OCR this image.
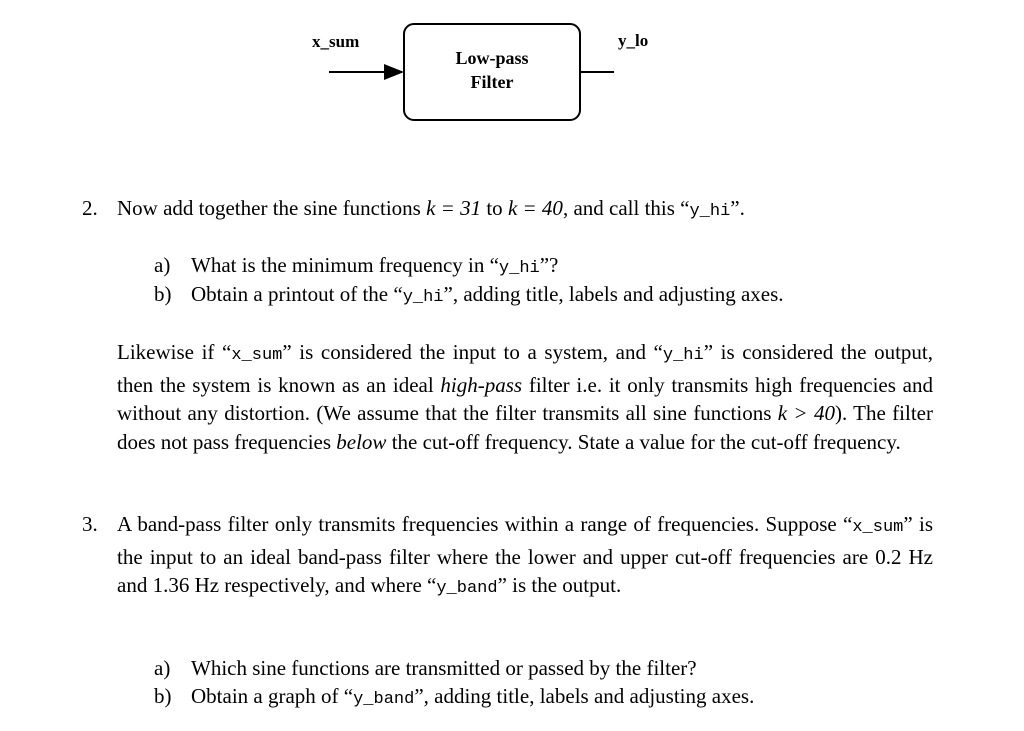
x_sum	y_lo
Low-pass
Filter
2. Now add together the sine functions k = 31 to k = 40, and call this “y_hi”.
a) What is the minimum frequency in “y_hi”?
b) Obtain a printout of the “y_hi”, adding title, labels and adjusting axes.
Likewise if “x_sum” is considered the input to a system, and “y_hi” is considered the output, then the system is known as an ideal high-pass filter i.e. it only transmits high frequencies and without any distortion. (We assume that the filter transmits all sine functions k > 40). The filter does not pass frequencies below the cut-off frequency. State a value for the cut-off frequency.
3. A band-pass filter only transmits frequencies within a range of frequencies. Suppose “x_sum” is the input to an ideal band-pass filter where the lower and upper cut-off frequencies are 0.2 Hz and 1.36 Hz respectively, and where “y_band” is the output.
a) Which sine functions are transmitted or passed by the filter?
b) Obtain a graph of “y_band”, adding title, labels and adjusting axes.
